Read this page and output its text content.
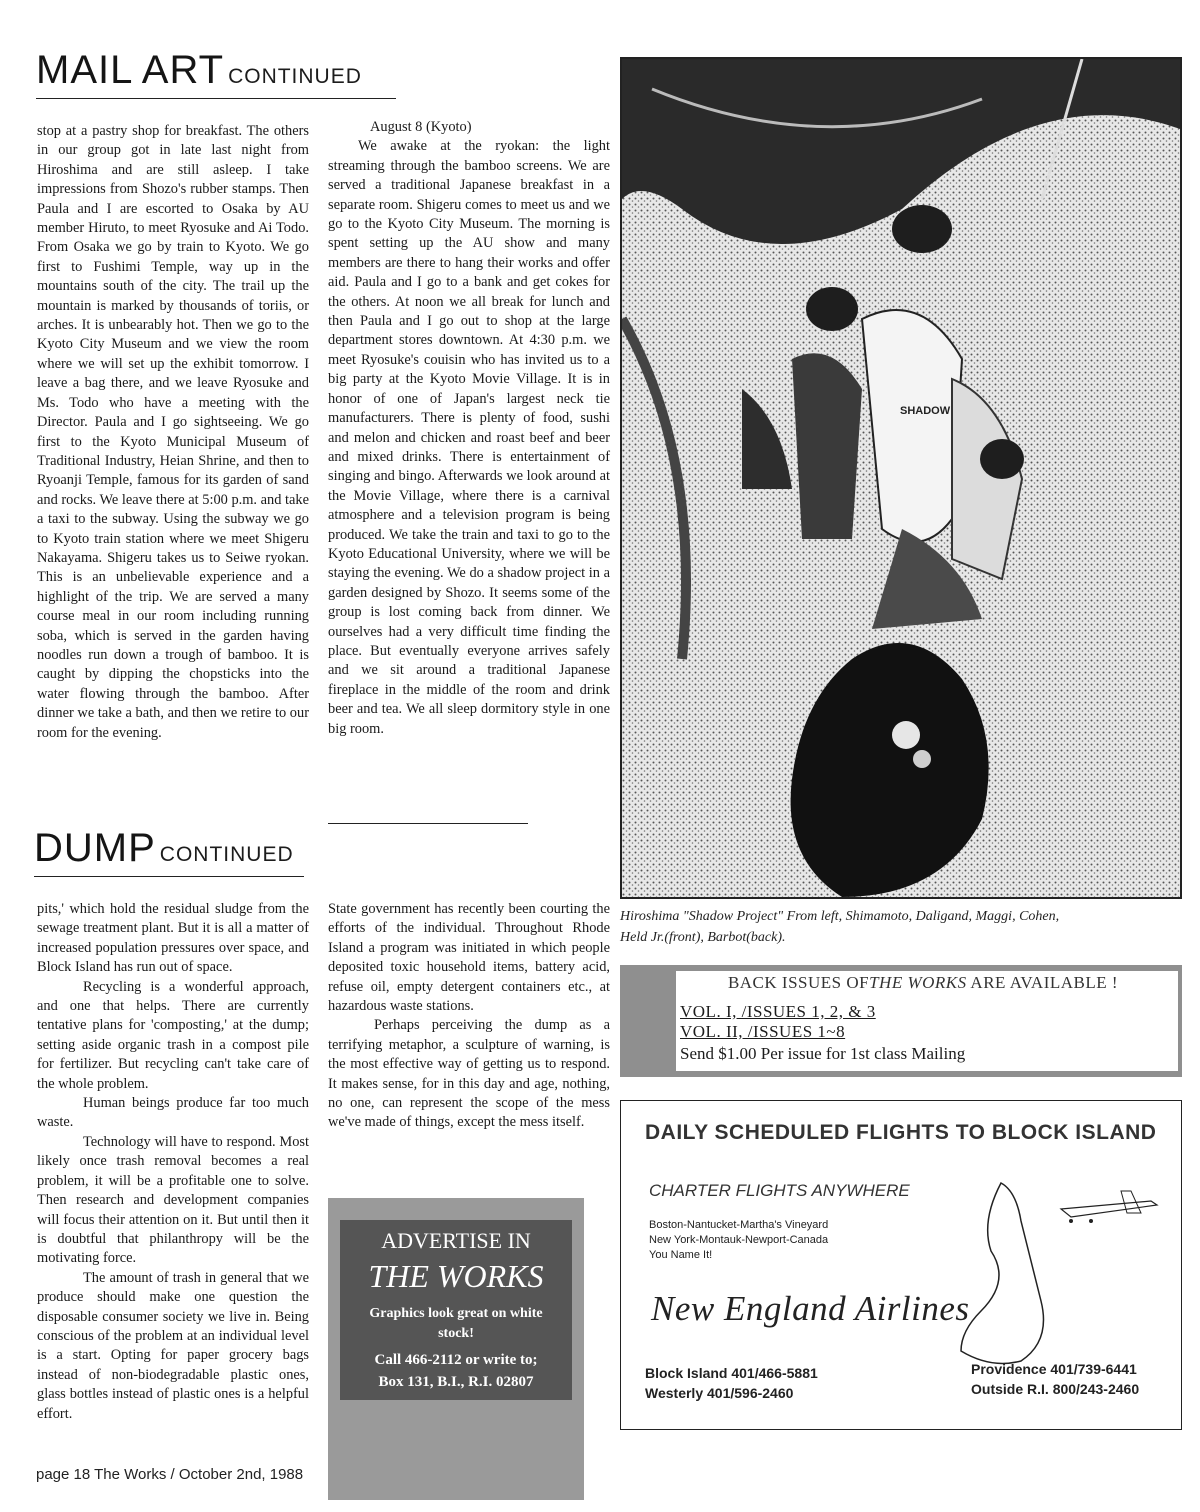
MAIL ART CONTINUED

stop at a pastry shop for breakfast. The others in our group got in late last night from Hiroshima and are still asleep. I take impressions from Shozo's rubber stamps. Then Paula and I are escorted to Osaka by AU member Hiruto, to meet Ryosuke and Ai Todo. From Osaka we go by train to Kyoto. We go first to Fushimi Temple, way up in the mountains south of the city. The trail up the mountain is marked by thousands of toriis, or arches. It is unbearably hot. Then we go to the Kyoto City Museum and we view the room where we will set up the exhibit tomorrow. I leave a bag there, and we leave Ryosuke and Ms. Todo who have a meeting with the Director. Paula and I go sightseeing. We go first to the Kyoto Municipal Museum of Traditional Industry, Heian Shrine, and then to Ryoanji Temple, famous for its garden of sand and rocks. We leave there at 5:00 p.m. and take a taxi to the subway. Using the subway we go to Kyoto train station where we meet Shigeru Nakayama. Shigeru takes us to Seiwe ryokan. This is an unbelievable experience and a highlight of the trip. We are served a many course meal in our room including running soba, which is served in the garden having noodles run down a trough of bamboo. It is caught by dipping the chopsticks into the water flowing through the bamboo. After dinner we take a bath, and then we retire to our room for the evening.

August 8 (Kyoto)

We awake at the ryokan: the light streaming through the bamboo screens. We are served a traditional Japanese breakfast in a separate room. Shigeru comes to meet us and we go to the Kyoto City Museum. The morning is spent setting up the AU show and many members are there to hang their works and offer aid. Paula and I go to a bank and get cokes for the others. At noon we all break for lunch and then Paula and I go out to shop at the large department stores downtown. At 4:30 p.m. we meet Ryosuke's couisin who has invited us to a big party at the Kyoto Movie Village. It is in honor of one of Japan's largest neck tie manufacturers. There is plenty of food, sushi and melon and chicken and roast beef and beer and mixed drinks. There is entertainment of singing and bingo. Afterwards we look around at the Movie Village, where there is a carnival atmosphere and a television program is being produced. We take the train and taxi to go to the Kyoto Educational University, where we will be staying the evening. We do a shadow project in a garden designed by Shozo. It seems some of the group is lost coming back from dinner. We ourselves had a very difficult time finding the place. But eventually everyone arrives safely and we sit around a traditional Japanese fireplace in the middle of the room and drink beer and tea. We all sleep dormitory style in one big room.

DUMP CONTINUED

pits,' which hold the residual sludge from the sewage treatment plant. But it is all a matter of increased population pressures over space, and Block Island has run out of space.

Recycling is a wonderful approach, and one that helps. There are currently tentative plans for 'composting,' at the dump; setting aside organic trash in a compost pile for fertilizer. But recycling can't take care of the whole problem.

Human beings produce far too much waste.

Technology will have to respond. Most likely once trash removal becomes a real problem, it will be a profitable one to solve. Then research and development companies will focus their attention on it. But until then it is doubtful that philanthropy will be the motivating force.

The amount of trash in general that we produce should make one question the disposable consumer society we live in. Being conscious of the problem at an individual level is a start. Opting for paper grocery bags instead of non-biodegradable plastic ones, glass bottles instead of plastic ones is a helpful effort.

State government has recently been courting the efforts of the individual. Throughout Rhode Island a program was initiated in which people deposited toxic household items, battery acid, refuse oil, empty detergent containers etc., at hazardous waste stations.

Perhaps perceiving the dump as a terrifying metaphor, a sculpture of warning, is the most effective way of getting us to respond. It makes sense, for in this day and age, nothing, no one, can represent the scope of the mess we've made of things, except the mess itself.

SHADOW
Hiroshima "Shadow Project" From left, Shimamoto, Daligand, Maggi, Cohen,
Held Jr.(front), Barbot(back).
BACK ISSUES OFTHE WORKS ARE AVAILABLE !
VOL. I, /ISSUES 1, 2, & 3
VOL. II, /ISSUES 1~8
Send $1.00 Per issue for 1st class Mailing
DAILY SCHEDULED FLIGHTS TO BLOCK ISLAND
CHARTER FLIGHTS ANYWHERE
Boston-Nantucket-Martha's Vineyard
New York-Montauk-Newport-Canada
You Name It!
New England Airlines
Block Island 401/466-5881
Westerly 401/596-2460
Providence 401/739-6441
Outside R.I. 800/243-2460
ADVERTISE IN
THE WORKS
Graphics look great on white
stock!
Call 466-2112 or write to;
Box 131, B.I., R.I. 02807
page 18 The Works / October 2nd, 1988
